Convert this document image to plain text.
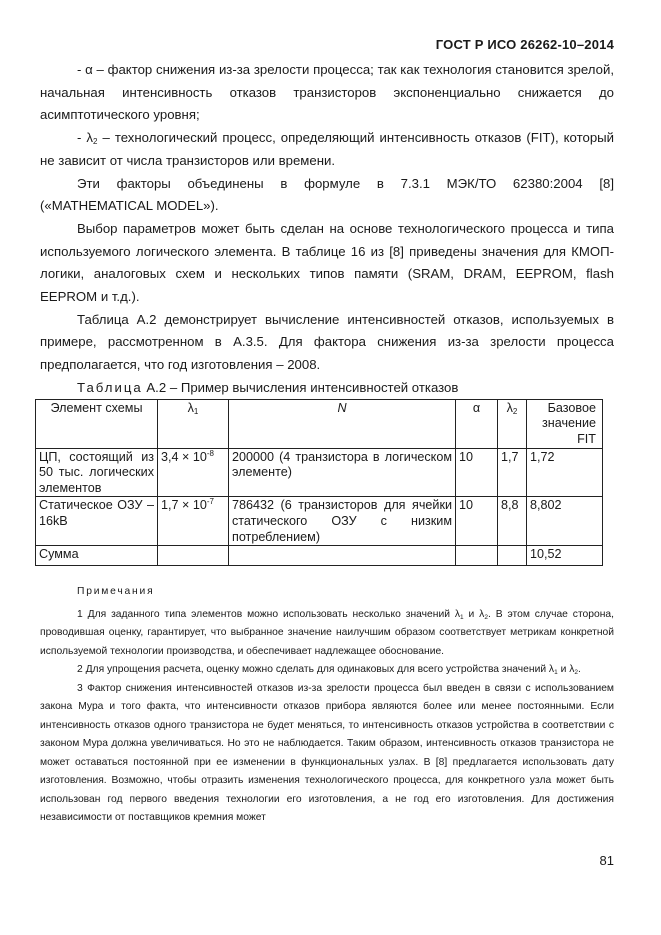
ГОСТ Р ИСО 26262-10–2014

- α – фактор снижения из-за зрелости процесса; так как технология становится зрелой, начальная интенсивность отказов транзисторов экспоненциально снижается до асимптотического уровня;

- $\lambda_2$ – технологический процесс, определяющий интенсивность отказов (FIT), который не зависит от числа транзисторов или времени.

Эти факторы объединены в формуле в 7.3.1 МЭК/ТО 62380:2004 [8]

(«MATHEMATICAL MODEL»).

Выбор параметров может быть сделан на основе технологического процесса и типа используемого логического элемента. В таблице 16 из [8] приведены значения для КМОП-логики, аналоговых схем и нескольких типов памяти (SRAM, DRAM, EEPROM, flash EEPROM и т.д.).

Таблица А.2 демонстрирует вычисление интенсивностей отказов, используемых в примере, рассмотренном в А.3.5. Для фактора снижения из-за зрелости процесса предполагается, что год изготовления – 2008.

Таблица А.2 – Пример вычисления интенсивностей отказов
Элемент схемы	$\lambda_1$	N	α	$\lambda_2$	Базовое
значение
FIT
ЦП, состоящий из 50 тыс. логических элементов	$3,4 \times 10^{-8}$	200000 (4 транзистора в логическом элементе)	10	1,7	1,72
Статическое ОЗУ – 16kB	$1,7 \times 10^{-7}$	786432 (6 транзисторов для ячейки статического ОЗУ с низким потреблением)	10	8,8	8,802
Сумма					10,52
Примечания

1 Для заданного типа элементов можно использовать несколько значений $\lambda_1$ и $\lambda_2$. В этом случае сторона, проводившая оценку, гарантирует, что выбранное значение наилучшим образом соответствует метрикам конкретной используемой технологии производства, и обеспечивает надлежащее обоснование.

2 Для упрощения расчета, оценку можно сделать для одинаковых для всего устройства значений $\lambda_1$ и $\lambda_2$.

3 Фактор снижения интенсивностей отказов из-за зрелости процесса был введен в связи с использованием закона Мура и того факта, что интенсивности отказов прибора являются более или менее постоянными. Если интенсивность отказов одного транзистора не будет меняться, то интенсивность отказов устройства в соответствии с законом Мура должна увеличиваться. Но это не наблюдается. Таким образом, интенсивность отказов транзистора не может оставаться постоянной при ее изменении в функциональных узлах. В [8] предлагается использовать дату изготовления. Возможно, чтобы отразить изменения технологического процесса, для конкретного узла может быть использован год первого введения технологии его изготовления, а не год его изготовления. Для достижения независимости от поставщиков кремния может

81
